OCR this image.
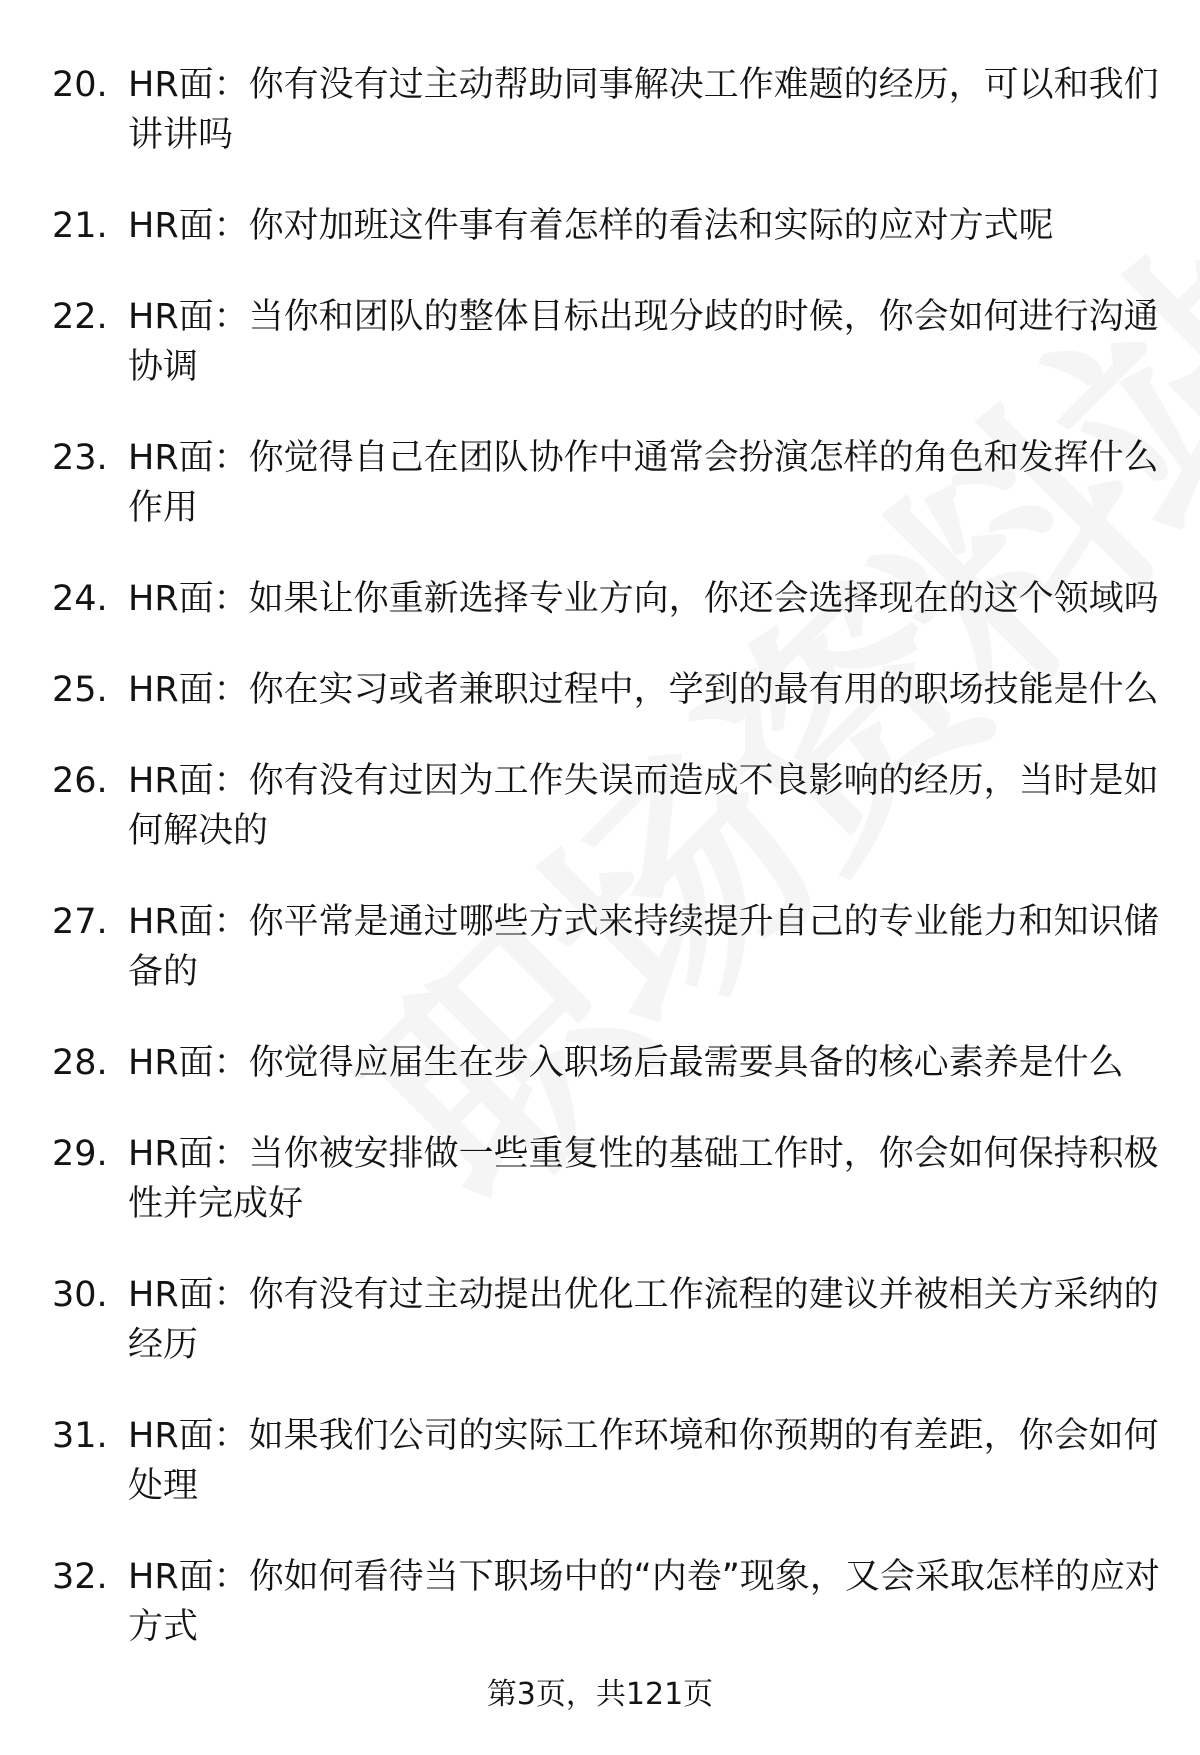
20. HR面：你有没有过主动帮助同事解决工作难题的经历，可以和我们讲讲吗
21. HR面：你对加班这件事有着怎样的看法和实际的应对方式呢
22. HR面：当你和团队的整体目标出现分歧的时候，你会如何进行沟通协调
23. HR面：你觉得自己在团队协作中通常会扮演怎样的角色和发挥什么作用
24. HR面：如果让你重新选择专业方向，你还会选择现在的这个领域吗
25. HR面：你在实习或者兼职过程中，学到的最有用的职场技能是什么
26. HR面：你有没有过因为工作失误而造成不良影响的经历，当时是如何解决的
27. HR面：你平常是通过哪些方式来持续提升自己的专业能力和知识储备的
28. HR面：你觉得应届生在步入职场后最需要具备的核心素养是什么
29. HR面：当你被安排做一些重复性的基础工作时，你会如何保持积极性并完成好
30. HR面：你有没有过主动提出优化工作流程的建议并被相关方采纳的经历
31. HR面：如果我们公司的实际工作环境和你预期的有差距，你会如何处理
32. HR面：你如何看待当下职场中的“内卷”现象，又会采取怎样的应对方式
第3页，共121页
